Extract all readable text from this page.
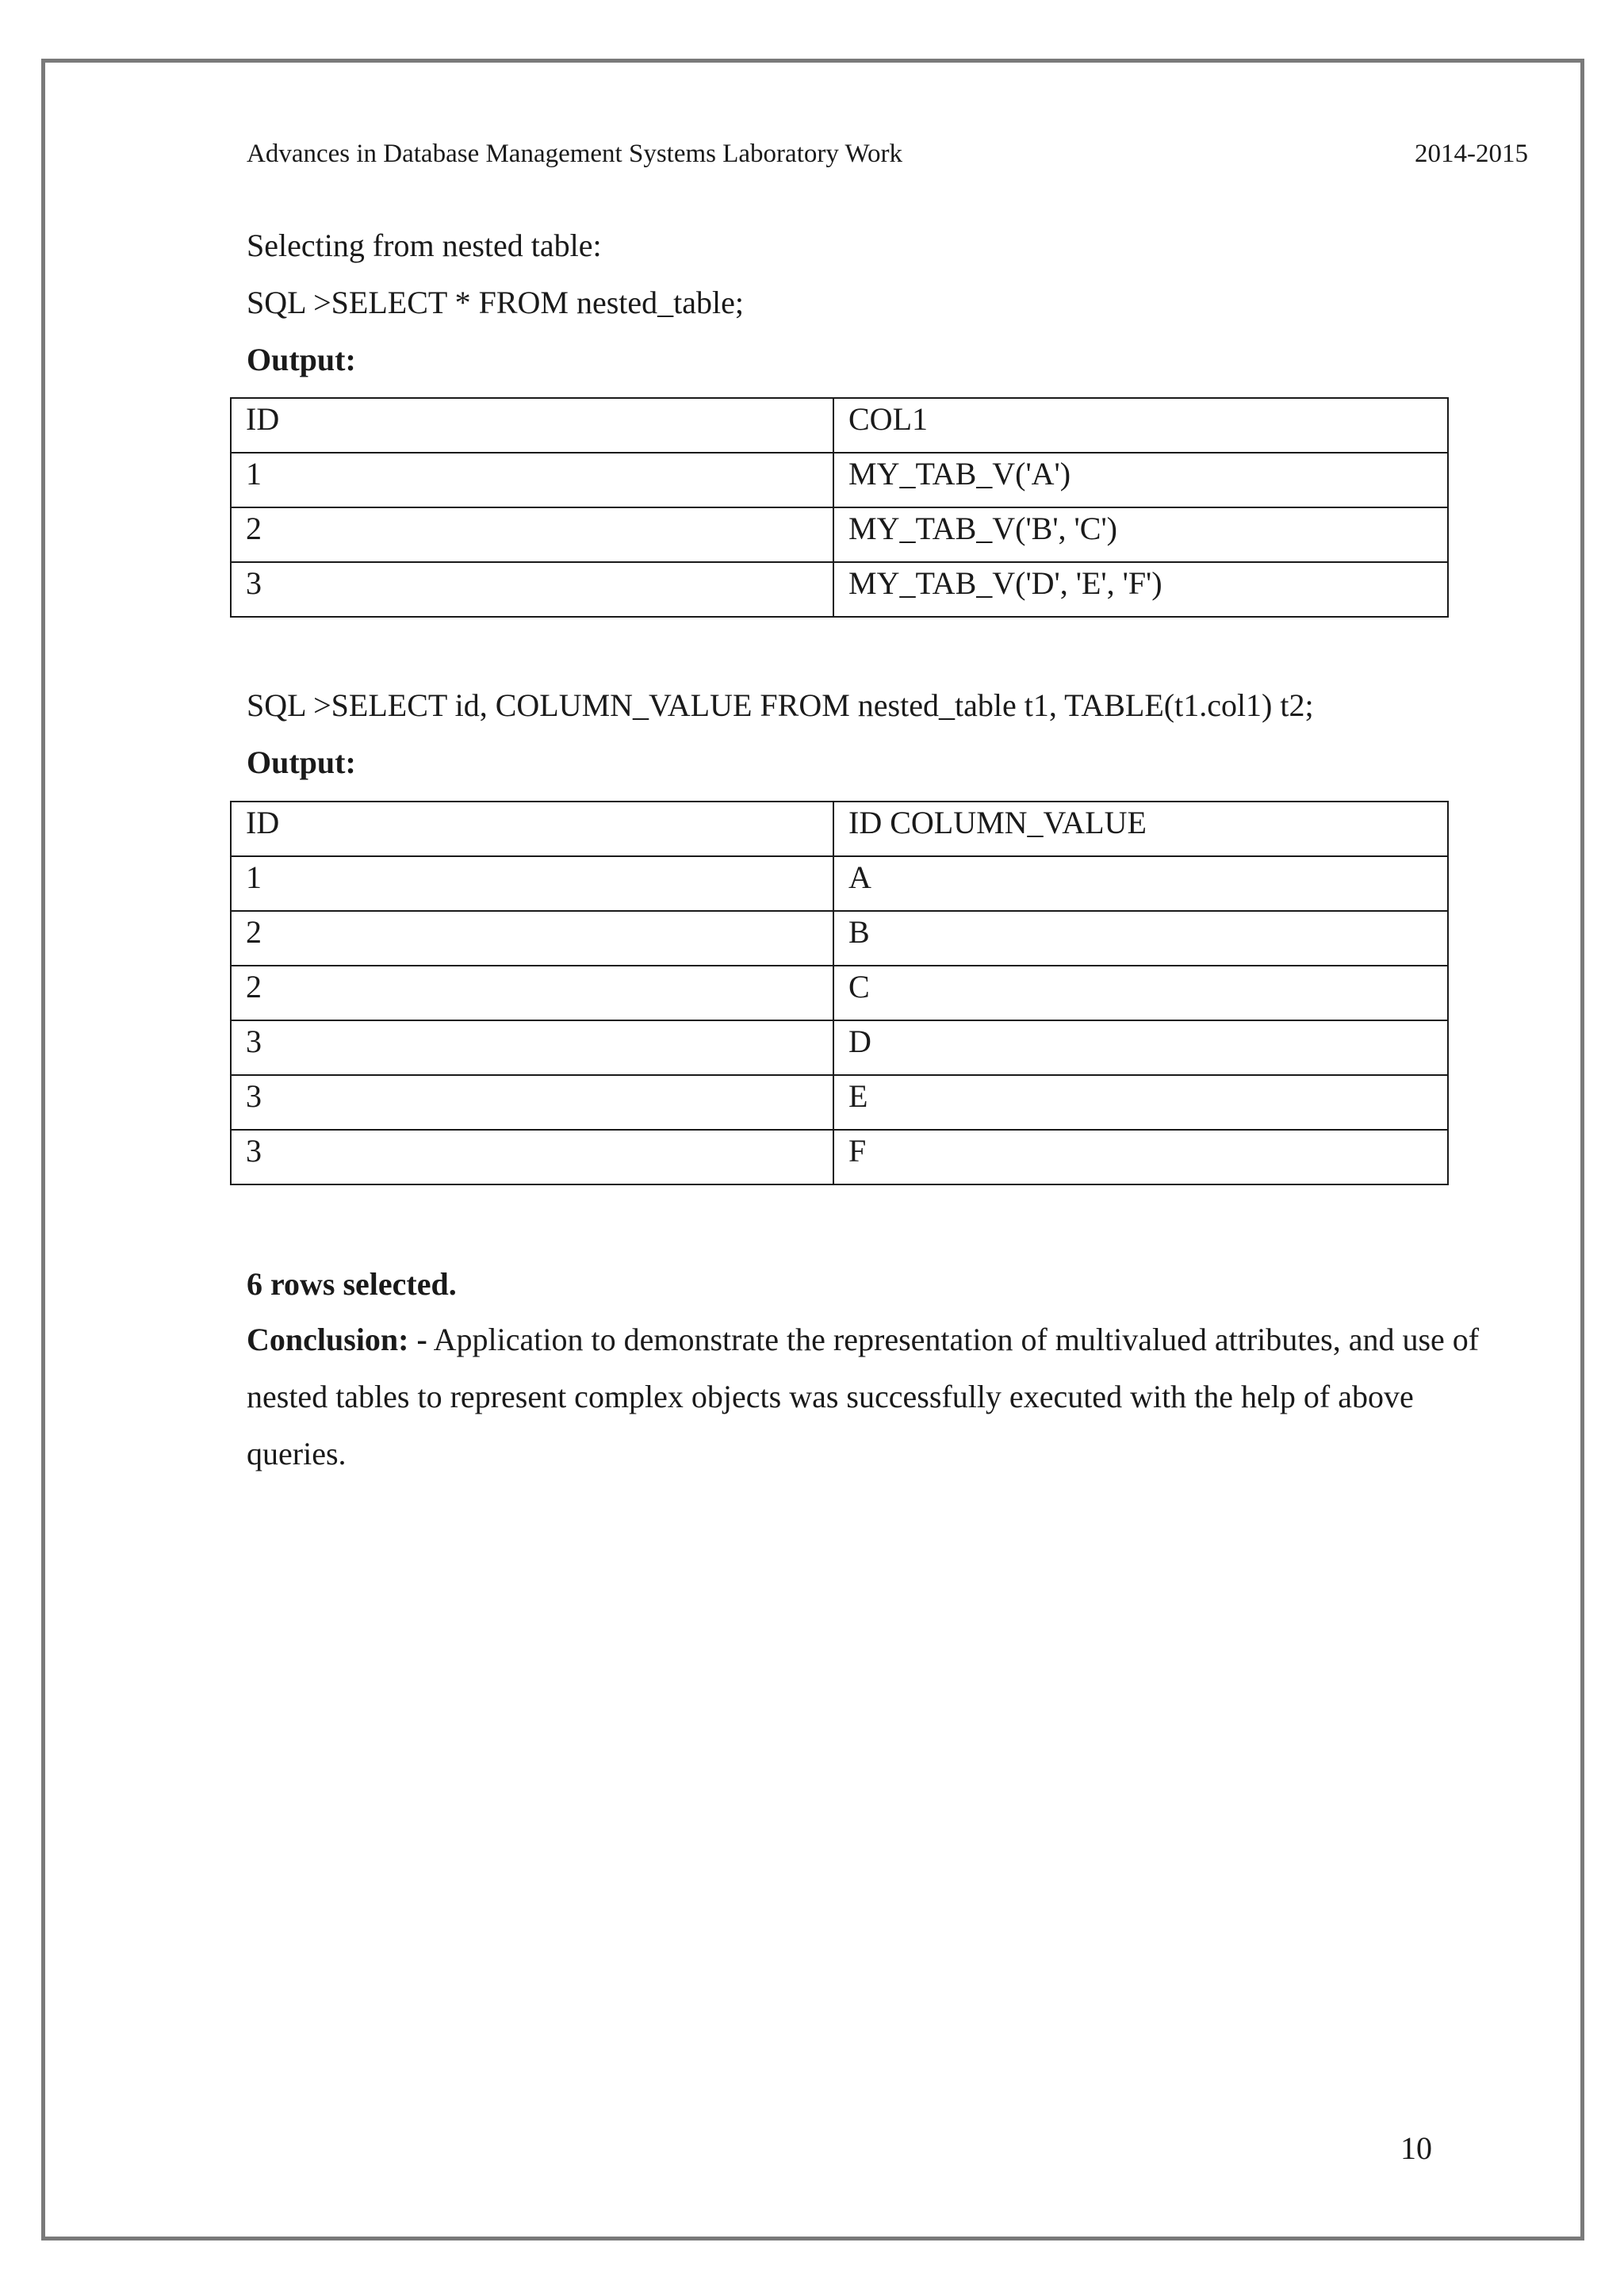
Advances in Database Management Systems Laboratory Work	2014-2015
Selecting from nested table:
SQL >SELECT * FROM nested_table;
Output:
ID	COL1
1	MY_TAB_V('A')
2	MY_TAB_V('B', 'C')
3	MY_TAB_V('D', 'E', 'F')
SQL >SELECT id, COLUMN_VALUE FROM nested_table t1, TABLE(t1.col1) t2;
Output:
ID	ID COLUMN_VALUE
1	A
2	B
2	C
3	D
3	E
3	F
6 rows selected.
Conclusion: - Application to demonstrate the representation of multivalued attributes, and use of nested tables to represent complex objects was successfully executed with the help of above queries.
10
